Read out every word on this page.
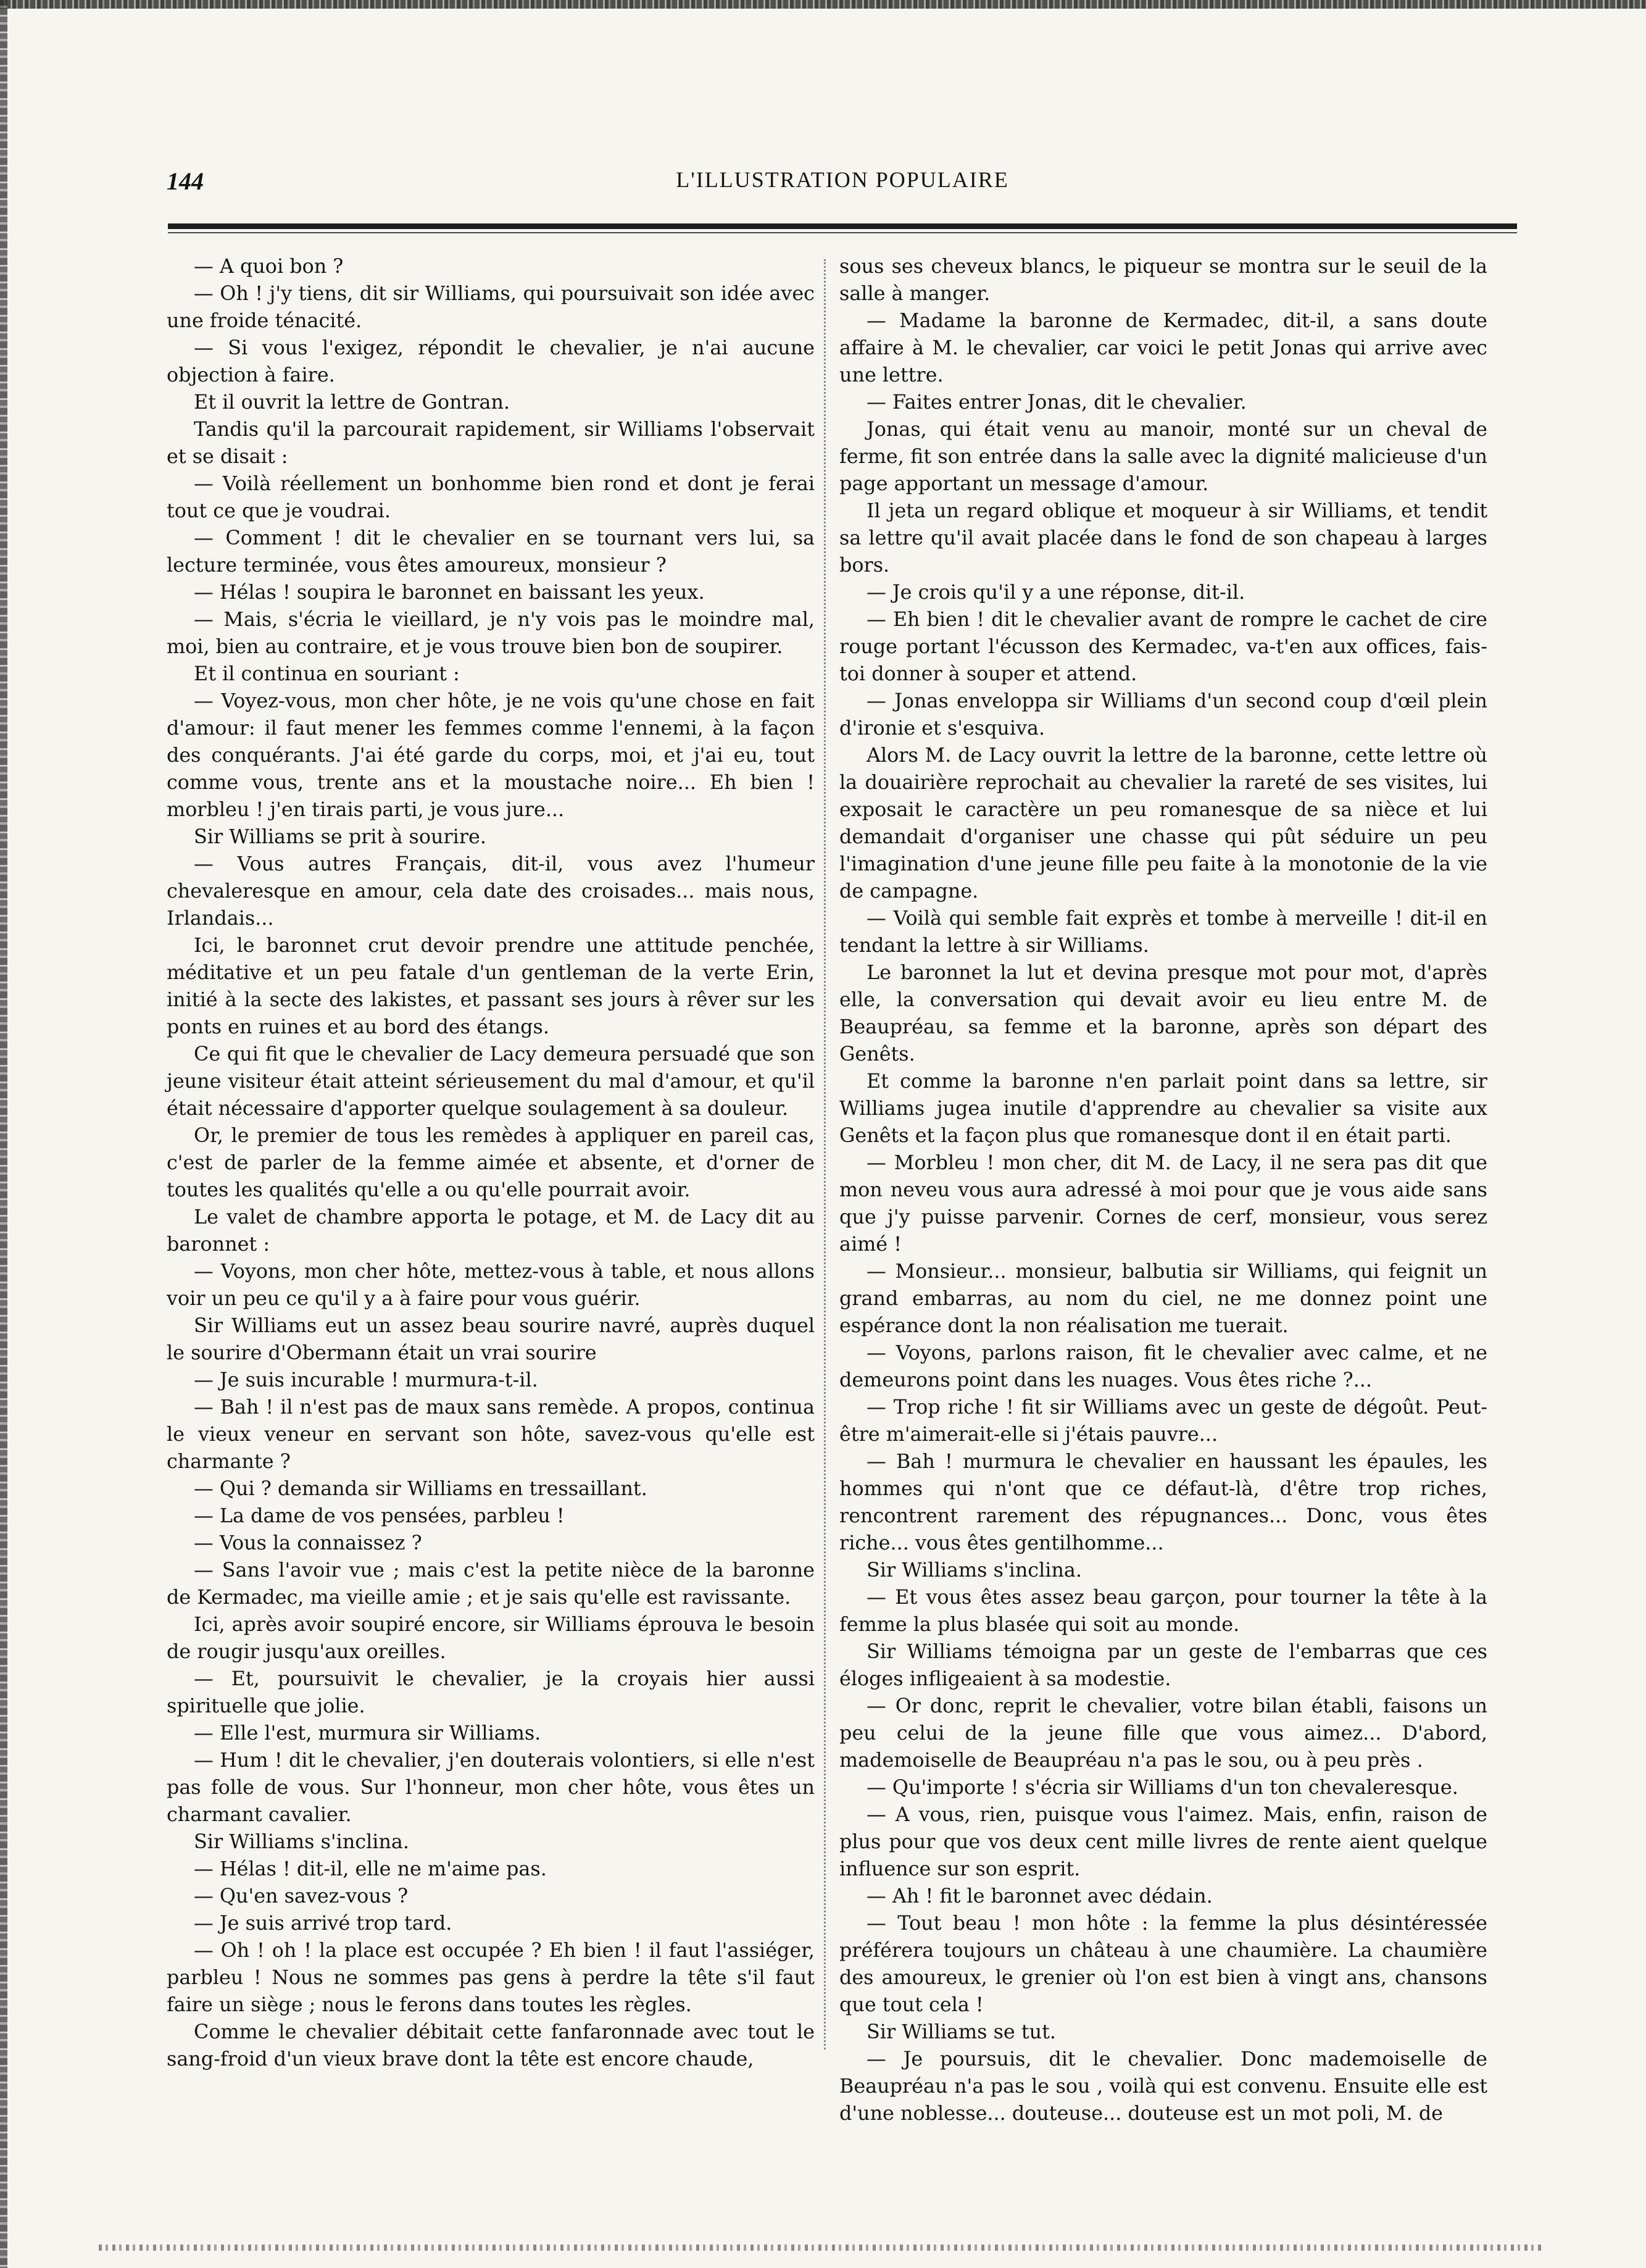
144	L'ILLUSTRATION POPULAIRE

— A quoi bon ?

— Oh ! j'y tiens, dit sir Williams, qui poursuivait son idée avec une froide ténacité.

— Si vous l'exigez, répondit le chevalier, je n'ai aucune objection à faire.

Et il ouvrit la lettre de Gontran.

Tandis qu'il la parcourait rapidement, sir Williams l'observait et se disait :

— Voilà réellement un bonhomme bien rond et dont je ferai tout ce que je voudrai.

— Comment ! dit le chevalier en se tournant vers lui, sa lecture terminée, vous êtes amoureux, monsieur ?

— Hélas ! soupira le baronnet en baissant les yeux.

— Mais, s'écria le vieillard, je n'y vois pas le moindre mal, moi, bien au contraire, et je vous trouve bien bon de soupirer.

Et il continua en souriant :

— Voyez-vous, mon cher hôte, je ne vois qu'une chose en fait d'amour: il faut mener les femmes comme l'ennemi, à la façon des conquérants. J'ai été garde du corps, moi, et j'ai eu, tout comme vous, trente ans et la moustache noire... Eh bien ! morbleu ! j'en tirais parti, je vous jure...

Sir Williams se prit à sourire.

— Vous autres Français, dit-il, vous avez l'humeur chevaleresque en amour, cela date des croisades... mais nous, Irlandais...

Ici, le baronnet crut devoir prendre une attitude penchée, méditative et un peu fatale d'un gentleman de la verte Erin, initié à la secte des lakistes, et passant ses jours à rêver sur les ponts en ruines et au bord des étangs.

Ce qui fit que le chevalier de Lacy demeura persuadé que son jeune visiteur était atteint sérieusement du mal d'amour, et qu'il était nécessaire d'apporter quelque soulagement à sa douleur.

Or, le premier de tous les remèdes à appliquer en pareil cas, c'est de parler de la femme aimée et absente, et d'orner de toutes les qualités qu'elle a ou qu'elle pourrait avoir.

Le valet de chambre apporta le potage, et M. de Lacy dit au baronnet :

— Voyons, mon cher hôte, mettez-vous à table, et nous allons voir un peu ce qu'il y a à faire pour vous guérir.

Sir Williams eut un assez beau sourire navré, auprès duquel le sourire d'Obermann était un vrai sourire

— Je suis incurable ! murmura-t-il.

— Bah ! il n'est pas de maux sans remède. A propos, continua le vieux veneur en servant son hôte, savez-vous qu'elle est charmante ?

— Qui ? demanda sir Williams en tressaillant.

— La dame de vos pensées, parbleu !

— Vous la connaissez ?

— Sans l'avoir vue ; mais c'est la petite nièce de la baronne de Kermadec, ma vieille amie ; et je sais qu'elle est ravissante.

Ici, après avoir soupiré encore, sir Williams éprouva le besoin de rougir jusqu'aux oreilles.

— Et, poursuivit le chevalier, je la croyais hier aussi spirituelle que jolie.

— Elle l'est, murmura sir Williams.

— Hum ! dit le chevalier, j'en douterais volontiers, si elle n'est pas folle de vous. Sur l'honneur, mon cher hôte, vous êtes un charmant cavalier.

Sir Williams s'inclina.

— Hélas ! dit-il, elle ne m'aime pas.

— Qu'en savez-vous ?

— Je suis arrivé trop tard.

— Oh ! oh ! la place est occupée ? Eh bien ! il faut l'assiéger, parbleu ! Nous ne sommes pas gens à perdre la tête s'il faut faire un siège ; nous le ferons dans toutes les règles.

Comme le chevalier débitait cette fanfaronnade avec tout le sang-froid d'un vieux brave dont la tête est encore chaude,

sous ses cheveux blancs, le piqueur se montra sur le seuil de la salle à manger.

— Madame la baronne de Kermadec, dit-il, a sans doute affaire à M. le chevalier, car voici le petit Jonas qui arrive avec une lettre.

— Faites entrer Jonas, dit le chevalier.

Jonas, qui était venu au manoir, monté sur un cheval de ferme, fit son entrée dans la salle avec la dignité malicieuse d'un page apportant un message d'amour.

Il jeta un regard oblique et moqueur à sir Williams, et tendit sa lettre qu'il avait placée dans le fond de son chapeau à larges bors.

— Je crois qu'il y a une réponse, dit-il.

— Eh bien ! dit le chevalier avant de rompre le cachet de cire rouge portant l'écusson des Kermadec, va-t'en aux offices, fais-toi donner à souper et attend.

— Jonas enveloppa sir Williams d'un second coup d'œil plein d'ironie et s'esquiva.

Alors M. de Lacy ouvrit la lettre de la baronne, cette lettre où la douairière reprochait au chevalier la rareté de ses visites, lui exposait le caractère un peu romanesque de sa nièce et lui demandait d'organiser une chasse qui pût séduire un peu l'imagination d'une jeune fille peu faite à la monotonie de la vie de campagne.

— Voilà qui semble fait exprès et tombe à merveille ! dit-il en tendant la lettre à sir Williams.

Le baronnet la lut et devina presque mot pour mot, d'après elle, la conversation qui devait avoir eu lieu entre M. de Beaupréau, sa femme et la baronne, après son départ des Genêts.

Et comme la baronne n'en parlait point dans sa lettre, sir Williams jugea inutile d'apprendre au chevalier sa visite aux Genêts et la façon plus que romanesque dont il en était parti.

— Morbleu ! mon cher, dit M. de Lacy, il ne sera pas dit que mon neveu vous aura adressé à moi pour que je vous aide sans que j'y puisse parvenir. Cornes de cerf, monsieur, vous serez aimé !

— Monsieur... monsieur, balbutia sir Williams, qui feignit un grand embarras, au nom du ciel, ne me donnez point une espérance dont la non réalisation me tuerait.

— Voyons, parlons raison, fit le chevalier avec calme, et ne demeurons point dans les nuages. Vous êtes riche ?...

— Trop riche ! fit sir Williams avec un geste de dégoût. Peut-être m'aimerait-elle si j'étais pauvre...

— Bah ! murmura le chevalier en haussant les épaules, les hommes qui n'ont que ce défaut-là, d'être trop riches, rencontrent rarement des répugnances... Donc, vous êtes riche... vous êtes gentilhomme...

Sir Williams s'inclina.

— Et vous êtes assez beau garçon, pour tourner la tête à la femme la plus blasée qui soit au monde.

Sir Williams témoigna par un geste de l'embarras que ces éloges infligeaient à sa modestie.

— Or donc, reprit le chevalier, votre bilan établi, faisons un peu celui de la jeune fille que vous aimez... D'abord, mademoiselle de Beaupréau n'a pas le sou, ou à peu près .

— Qu'importe ! s'écria sir Williams d'un ton chevaleresque.

— A vous, rien, puisque vous l'aimez. Mais, enfin, raison de plus pour que vos deux cent mille livres de rente aient quelque influence sur son esprit.

— Ah ! fit le baronnet avec dédain.

— Tout beau ! mon hôte : la femme la plus désintéressée préférera toujours un château à une chaumière. La chaumière des amoureux, le grenier où l'on est bien à vingt ans, chansons que tout cela !

Sir Williams se tut.

— Je poursuis, dit le chevalier. Donc mademoiselle de Beaupréau n'a pas le sou , voilà qui est convenu. Ensuite elle est d'une noblesse... douteuse... douteuse est un mot poli, M. de
